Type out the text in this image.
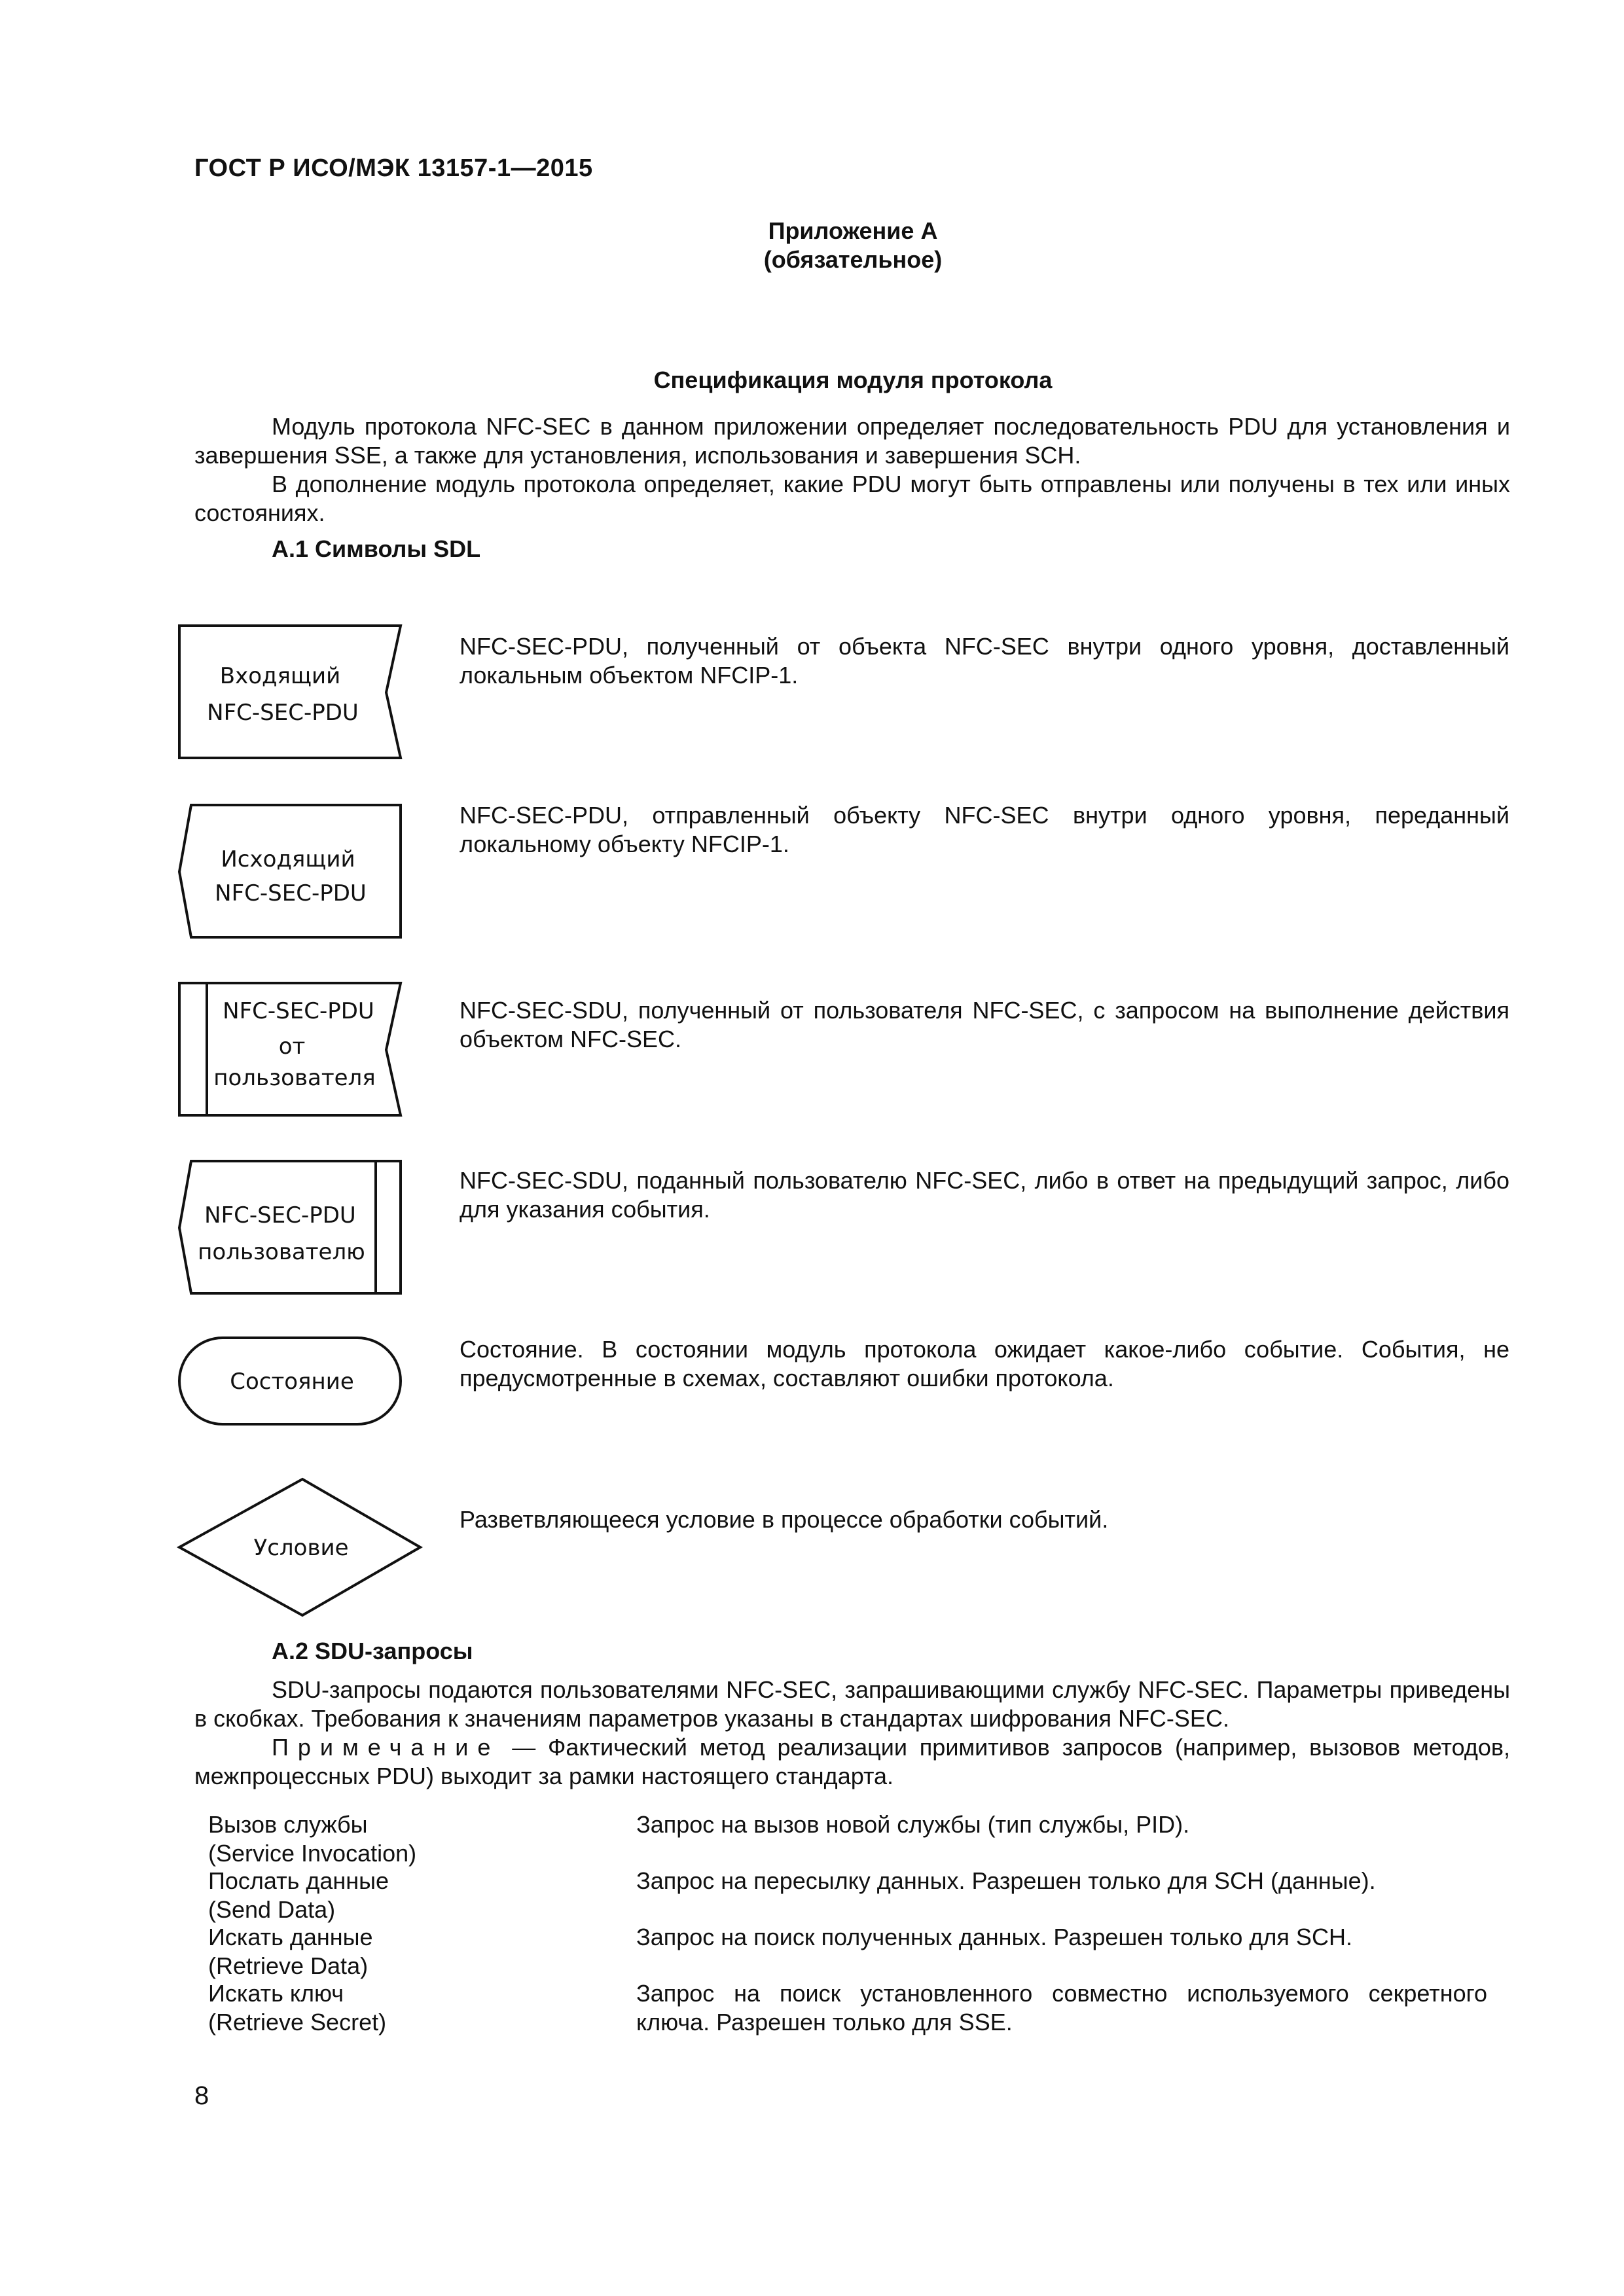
ГОСТ Р ИСО/МЭК 13157-1—2015
Приложение А
(обязательное)
Спецификация модуля протокола
Модуль протокола NFC-SEC в данном приложении определяет последовательность PDU для установления и завершения SSE, а также для установления, использования и завершения SCH.
В дополнение модуль протокола определяет, какие PDU могут быть отправлены или получены в тех или иных состояниях.
А.1 Символы SDL
Входящий
NFC-SEC-PDU
NFC-SEC-PDU, полученный от объекта NFC-SEC внутри одного уровня, доставленный локальным объектом NFCIP-1.
Исходящий
NFC-SEC-PDU
NFC-SEC-PDU, отправленный объекту NFC-SEC внутри одного уровня, переданный локальному объекту NFCIP-1.
NFC-SEC-PDU
от
пользователя
NFC-SEC-SDU, полученный от пользователя NFC-SEC, с запросом на выполнение действия объектом NFC-SEC.
NFC-SEC-PDU
пользователю
NFC-SEC-SDU, поданный пользователю NFC-SEC, либо в ответ на предыдущий запрос, либо для указания события.
Состояние
Состояние. В состоянии модуль протокола ожидает какое-либо событие. События, не предусмотренные в схемах, составляют ошибки протокола.
Условие
Разветвляющееся условие в процессе обработки событий.
А.2 SDU-запросы
SDU-запросы подаются пользователями NFC-SEC, запрашивающими службу NFC-SEC. Параметры приведены в скобках. Требования к значениям параметров указаны в стандартах шифрования NFC-SEC.
Примечание — Фактический метод реализации примитивов запросов (например, вызовов методов, межпроцессных PDU) выходит за рамки настоящего стандарта.
Вызов службы
(Service Invocation)
Запрос на вызов новой службы (тип службы, PID).
Послать данные
(Send Data)
Запрос на пересылку данных. Разрешен только для SCH (данные).
Искать данные
(Retrieve Data)
Запрос на поиск полученных данных. Разрешен только для SCH.
Искать ключ
(Retrieve Secret)
Запрос на поиск установленного совместно используемого секретного ключа. Разрешен только для SSE.
8
